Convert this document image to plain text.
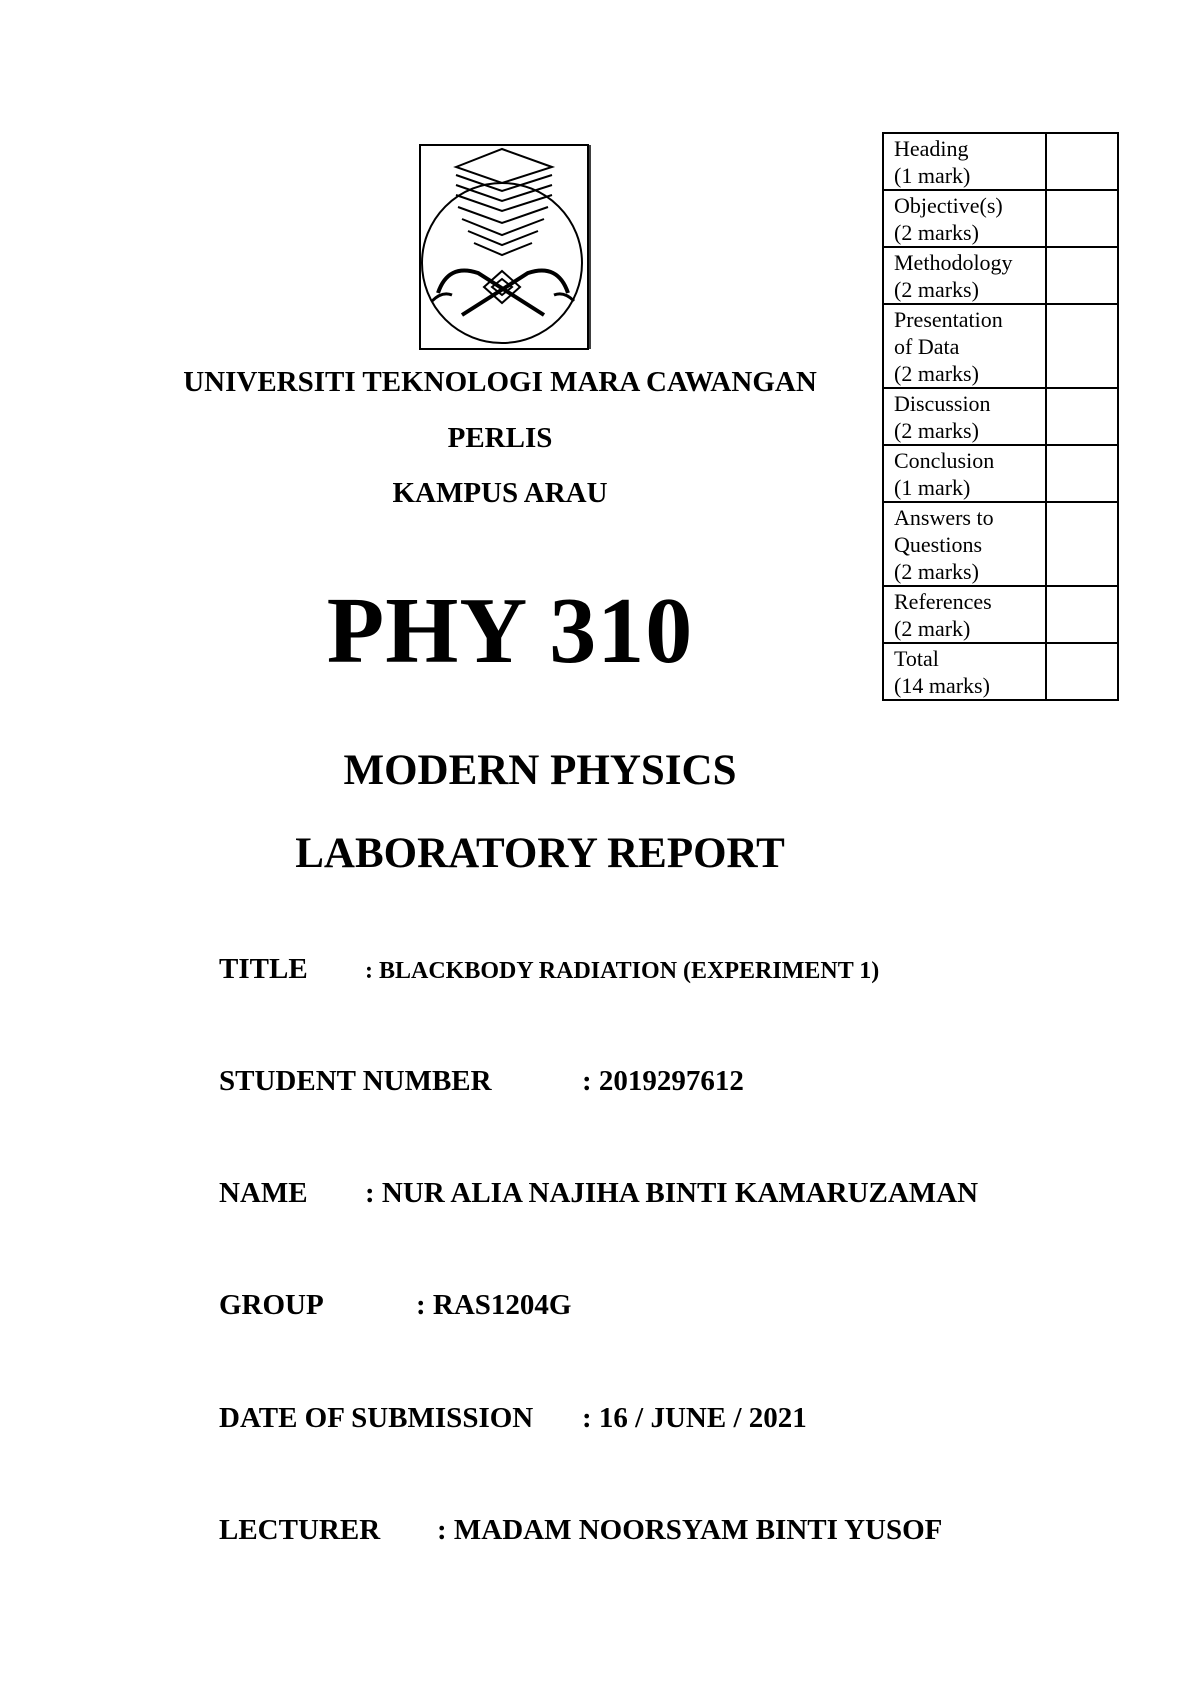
UNIVERSITI TEKNOLOGI MARA CAWANGAN
PERLIS
KAMPUS ARAU
PHY 310
MODERN PHYSICS
LABORATORY REPORT
Heading
(1 mark)	

Objective(s)
(2 marks)	

Methodology
(2 marks)	

Presentation
of Data
(2 marks)	

Discussion
(2 marks)	

Conclusion
(1 mark)	

Answers to
Questions
(2 marks)	

References
(2 mark)	

Total
(14 marks)	

TITLE : BLACKBODY RADIATION (EXPERIMENT 1)
STUDENT NUMBER	: 2019297612
NAME : NUR ALIA NAJIHA BINTI KAMARUZAMAN
GROUP	: RAS1204G
DATE OF SUBMISSION : 16 / JUNE / 2021
LECTURER : MADAM NOORSYAM BINTI YUSOF
